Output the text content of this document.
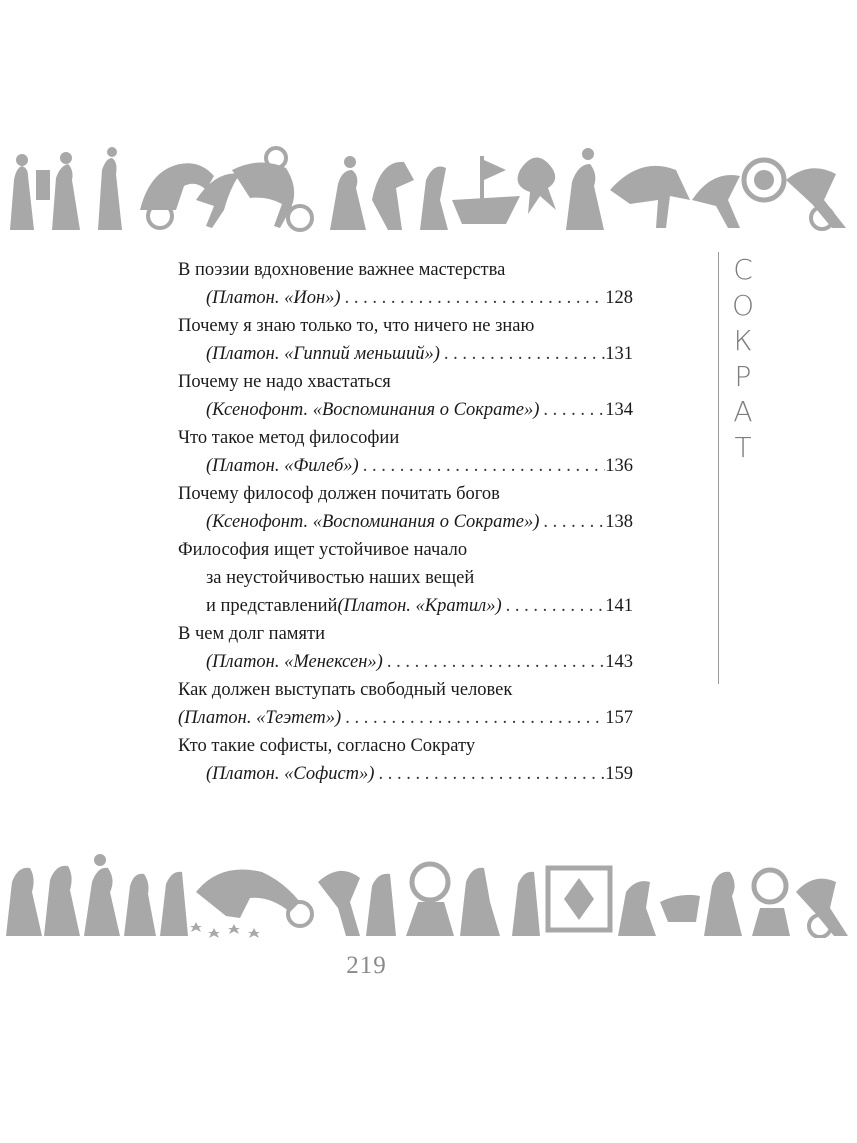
В поэзии вдохновение важнее мастерства
(Платон. «Ион») . . .	128
Почему я знаю только то, что ничего не знаю
(Платон. «Гиппий меньший») . . .	131
Почему не надо хвастаться
(Ксенофонт. «Воспоминания о Сократе») . . .	134
Что такое метод философии
(Платон. «Филеб») . . .	136
Почему философ должен почитать богов
(Ксенофонт. «Воспоминания о Сократе») . . .	138
Философия ищет устойчивое начало
за неустойчивостью наших вещей
и представлений (Платон. «Кратил») . . .	141
В чем долг памяти
(Платон. «Менексен») . . .	143
Как должен выступать свободный человек
(Платон. «Теэтет») . . .	157
Кто такие софисты, согласно Сократу
(Платон. «Софист») . . .	159
С
О
К
Р
А
Т
219
